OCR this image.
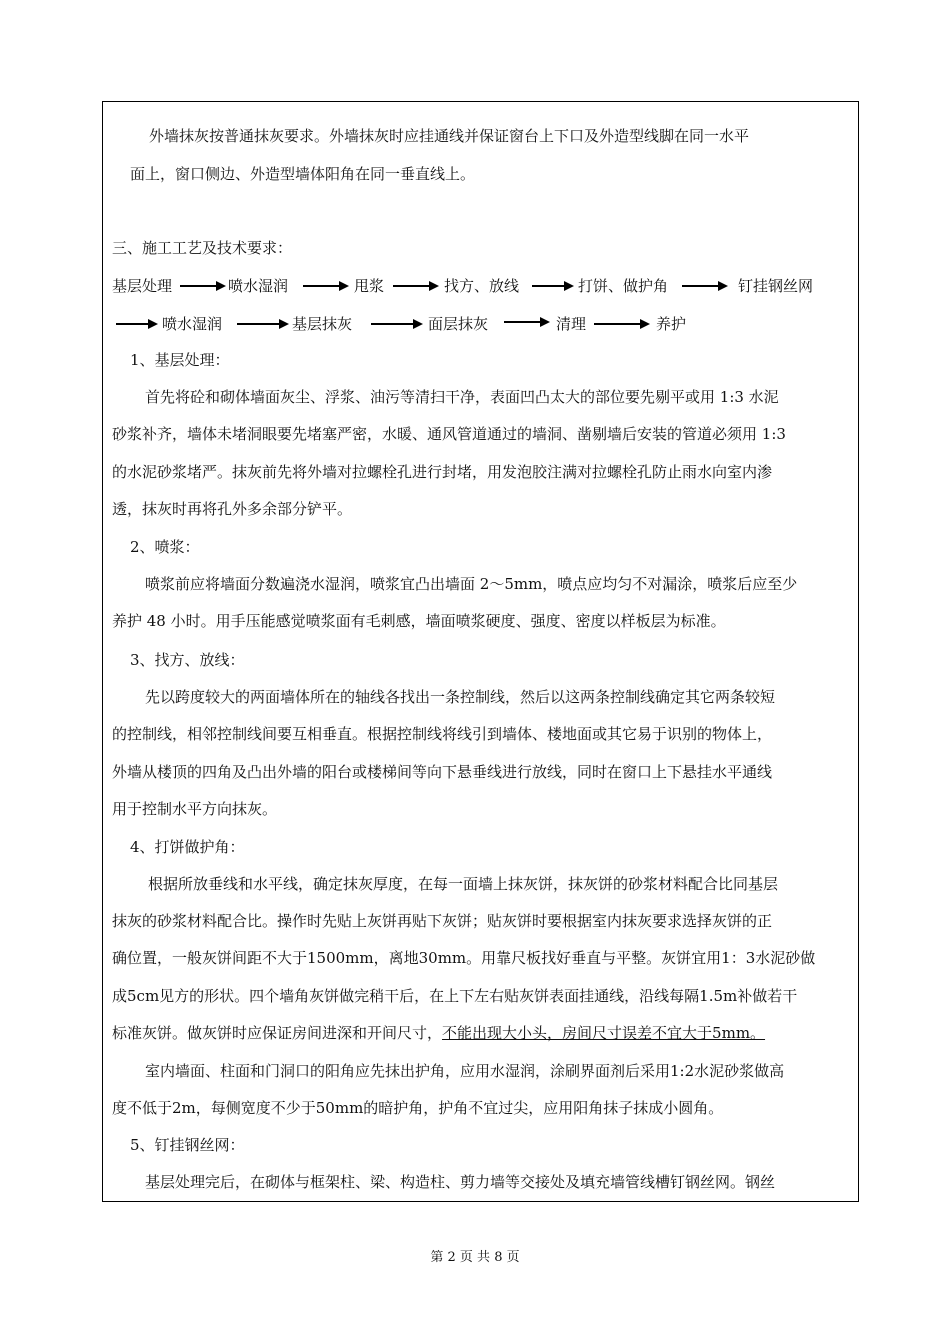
外墙抹灰按普通抹灰要求。外墙抹灰时应挂通线并保证窗台上下口及外造型线脚在同一水平
面上，窗口侧边、外造型墙体阳角在同一垂直线上。
三、施工工艺及技术要求：
基层处理	喷水湿润	甩浆	找方、放线	打饼、做护角	钉挂钢丝网
喷水湿润	基层抹灰	面层抹灰	清理	养护
1、基层处理：
首先将砼和砌体墙面灰尘、浮浆、油污等清扫干净，表面凹凸太大的部位要先剔平或用 1:3 水泥
砂浆补齐，墙体未堵洞眼要先堵塞严密，水暖、通风管道通过的墙洞、凿剔墙后安装的管道必须用 1:3
的水泥砂浆堵严。抹灰前先将外墙对拉螺栓孔进行封堵，用发泡胶注满对拉螺栓孔防止雨水向室内渗
透，抹灰时再将孔外多余部分铲平。
2、喷浆：
喷浆前应将墙面分数遍浇水湿润，喷浆宜凸出墙面 2～5mm，喷点应均匀不对漏涂，喷浆后应至少
养护 48 小时。用手压能感觉喷浆面有毛刺感，墙面喷浆硬度、强度、密度以样板层为标准。
3、找方、放线：
先以跨度较大的两面墙体所在的轴线各找出一条控制线，然后以这两条控制线确定其它两条较短
的控制线，相邻控制线间要互相垂直。根据控制线将线引到墙体、楼地面或其它易于识别的物体上，
外墙从楼顶的四角及凸出外墙的阳台或楼梯间等向下悬垂线进行放线，同时在窗口上下悬挂水平通线
用于控制水平方向抹灰。
4、打饼做护角：
根据所放垂线和水平线，确定抹灰厚度，在每一面墙上抹灰饼，抹灰饼的砂浆材料配合比同基层
抹灰的砂浆材料配合比。操作时先贴上灰饼再贴下灰饼；贴灰饼时要根据室内抹灰要求选择灰饼的正
确位置，一般灰饼间距不大于1500mm，离地30mm。用靠尺板找好垂直与平整。灰饼宜用1：3水泥砂做
成5cm见方的形状。四个墙角灰饼做完稍干后，在上下左右贴灰饼表面挂通线，沿线每隔1.5m补做若干
标准灰饼。做灰饼时应保证房间进深和开间尺寸，不能出现大小头，房间尺寸误差不宜大于5mm。
室内墙面、柱面和门洞口的阳角应先抹出护角，应用水湿润，涂刷界面剂后采用1:2水泥砂浆做高
度不低于2m，每侧宽度不少于50mm的暗护角，护角不宜过尖，应用阳角抹子抹成小圆角。
5、钉挂钢丝网：
基层处理完后，在砌体与框架柱、梁、构造柱、剪力墙等交接处及填充墙管线槽钉钢丝网。钢丝
第 2 页 共 8 页
